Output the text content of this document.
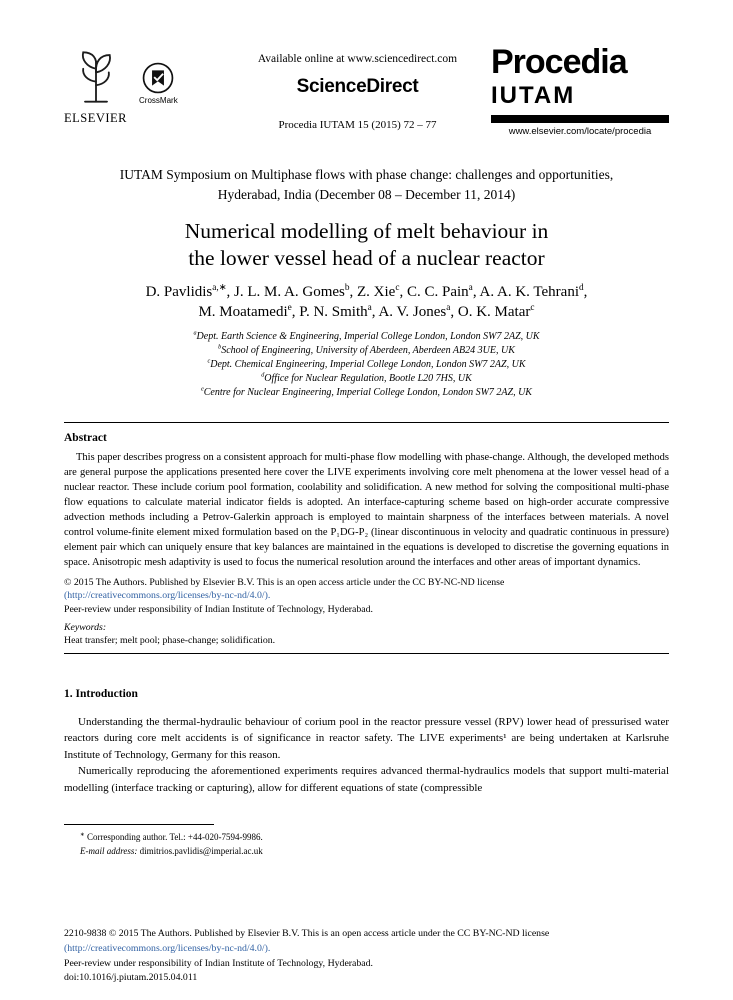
ELSEVIER
CrossMark
Available online at www.sciencedirect.com
ScienceDirect
Procedia IUTAM 15 (2015) 72 – 77
Procedia
IUTAM
www.elsevier.com/locate/procedia
IUTAM Symposium on Multiphase flows with phase change: challenges and opportunities,
Hyderabad, India (December 08 – December 11, 2014)
Numerical modelling of melt behaviour in
the lower vessel head of a nuclear reactor
D. Pavlidis$^{a,∗}$, J. L. M. A. Gomes$^b$, Z. Xie$^c$, C. C. Pain$^a$, A. A. K. Tehrani$^d$,
M. Moatamedi$^e$, P. N. Smith$^a$, A. V. Jones$^a$, O. K. Matar$^c$
$^a$Dept. Earth Science & Engineering, Imperial College London, London SW7 2AZ, UK
$^b$School of Engineering, University of Aberdeen, Aberdeen AB24 3UE, UK
$^c$Dept. Chemical Engineering, Imperial College London, London SW7 2AZ, UK
$^d$Office for Nuclear Regulation, Bootle L20 7HS, UK
$^e$Centre for Nuclear Engineering, Imperial College London, London SW7 2AZ, UK
Abstract

This paper describes progress on a consistent approach for multi-phase flow modelling with phase-change. Although, the developed methods are general purpose the applications presented here cover the LIVE experiments involving core melt phenomena at the lower vessel head of a nuclear reactor. These include corium pool formation, coolability and solidification. A new method for solving the compositional multi-phase flow equations to calculate material indicator fields is adopted. An interface-capturing scheme based on high-order accurate compressive advection methods including a Petrov-Galerkin approach is employed to maintain sharpness of the interfaces between materials. A novel control volume-finite element mixed formulation based on the P₁DG-P₂ (linear discontinuous in velocity and quadratic continuous in pressure) element pair which can uniquely ensure that key balances are maintained in the equations is developed to discretise the governing equations in space. Anisotropic mesh adaptivity is used to focus the numerical resolution around the interfaces and other areas of important dynamics.

© 2015 The Authors. Published by Elsevier B.V. This is an open access article under the CC BY-NC-ND license
(http://creativecommons.org/licenses/by-nc-nd/4.0/).
Peer-review under responsibility of Indian Institute of Technology, Hyderabad.

Keywords:

Heat transfer; melt pool; phase-change; solidification.

1. Introduction

Understanding the thermal-hydraulic behaviour of corium pool in the reactor pressure vessel (RPV) lower head of pressurised water reactors during core melt accidents is of significance in reactor safety. The LIVE experiments¹ are being undertaken at Karlsruhe Institute of Technology, Germany for this reason.

Numerically reproducing the aforementioned experiments requires advanced thermal-hydraulics models that support multi-material modelling (interface tracking or capturing), allow for different equations of state (compressible

∗ Corresponding author. Tel.: +44-020-7594-9986.
E-mail address: dimitrios.pavlidis@imperial.ac.uk
2210-9838 © 2015 The Authors. Published by Elsevier B.V. This is an open access article under the CC BY-NC-ND license
(http://creativecommons.org/licenses/by-nc-nd/4.0/).
Peer-review under responsibility of Indian Institute of Technology, Hyderabad.
doi:10.1016/j.piutam.2015.04.011
